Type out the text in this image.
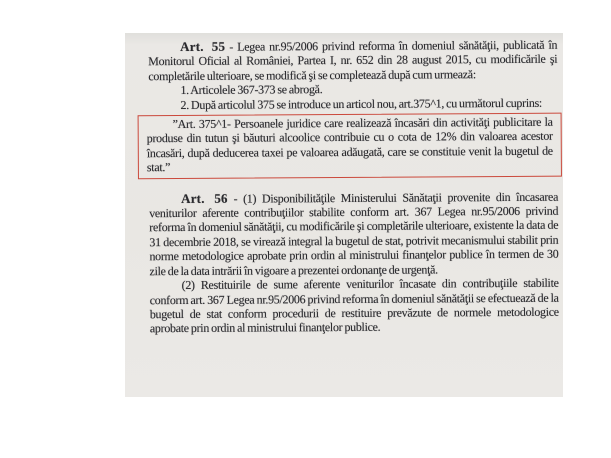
Art. 55 - Legea nr.95/2006 privind reforma în domeniul sănătăţii, publicată în Monitorul Oficial al României, Partea I, nr. 652 din 28 august 2015, cu modificările şi completările ulterioare, se modifică şi se completează după cum urmează:

1. Articolele 367-373 se abrogă.

2. După articolul 375 se introduce un articol nou, art.375^1, cu următorul cuprins:

”Art. 375^1- Persoanele juridice care realizează încasări din activităţi publicitare la produse din tutun şi băuturi alcoolice contribuie cu o cota de 12% din valoarea acestor încasări, după deducerea taxei pe valoarea adăugată, care se constituie venit la bugetul de stat.”

Art. 56 - (1) Disponibilităţile Ministerului Sănătaţii provenite din încasarea veniturilor aferente contribuţiilor stabilite conform art. 367 Legea nr.95/2006 privind reforma în domeniul sănătăţii, cu modificările şi completările ulterioare, existente la data de 31 decembrie 2018, se virează integral la bugetul de stat, potrivit mecanismului stabilit prin norme metodologice aprobate prin ordin al ministrului finanţelor publice în termen de 30 zile de la data intrării în vigoare a prezentei ordonanţe de urgenţă.

(2) Restituirile de sume aferente veniturilor încasate din contribuţiile stabilite conform art. 367 Legea nr.95/2006 privind reforma în domeniul sănătăţii se efectuează de la bugetul de stat conform procedurii de restituire prevăzute de normele metodologice aprobate prin ordin al ministrului finanţelor publice.
